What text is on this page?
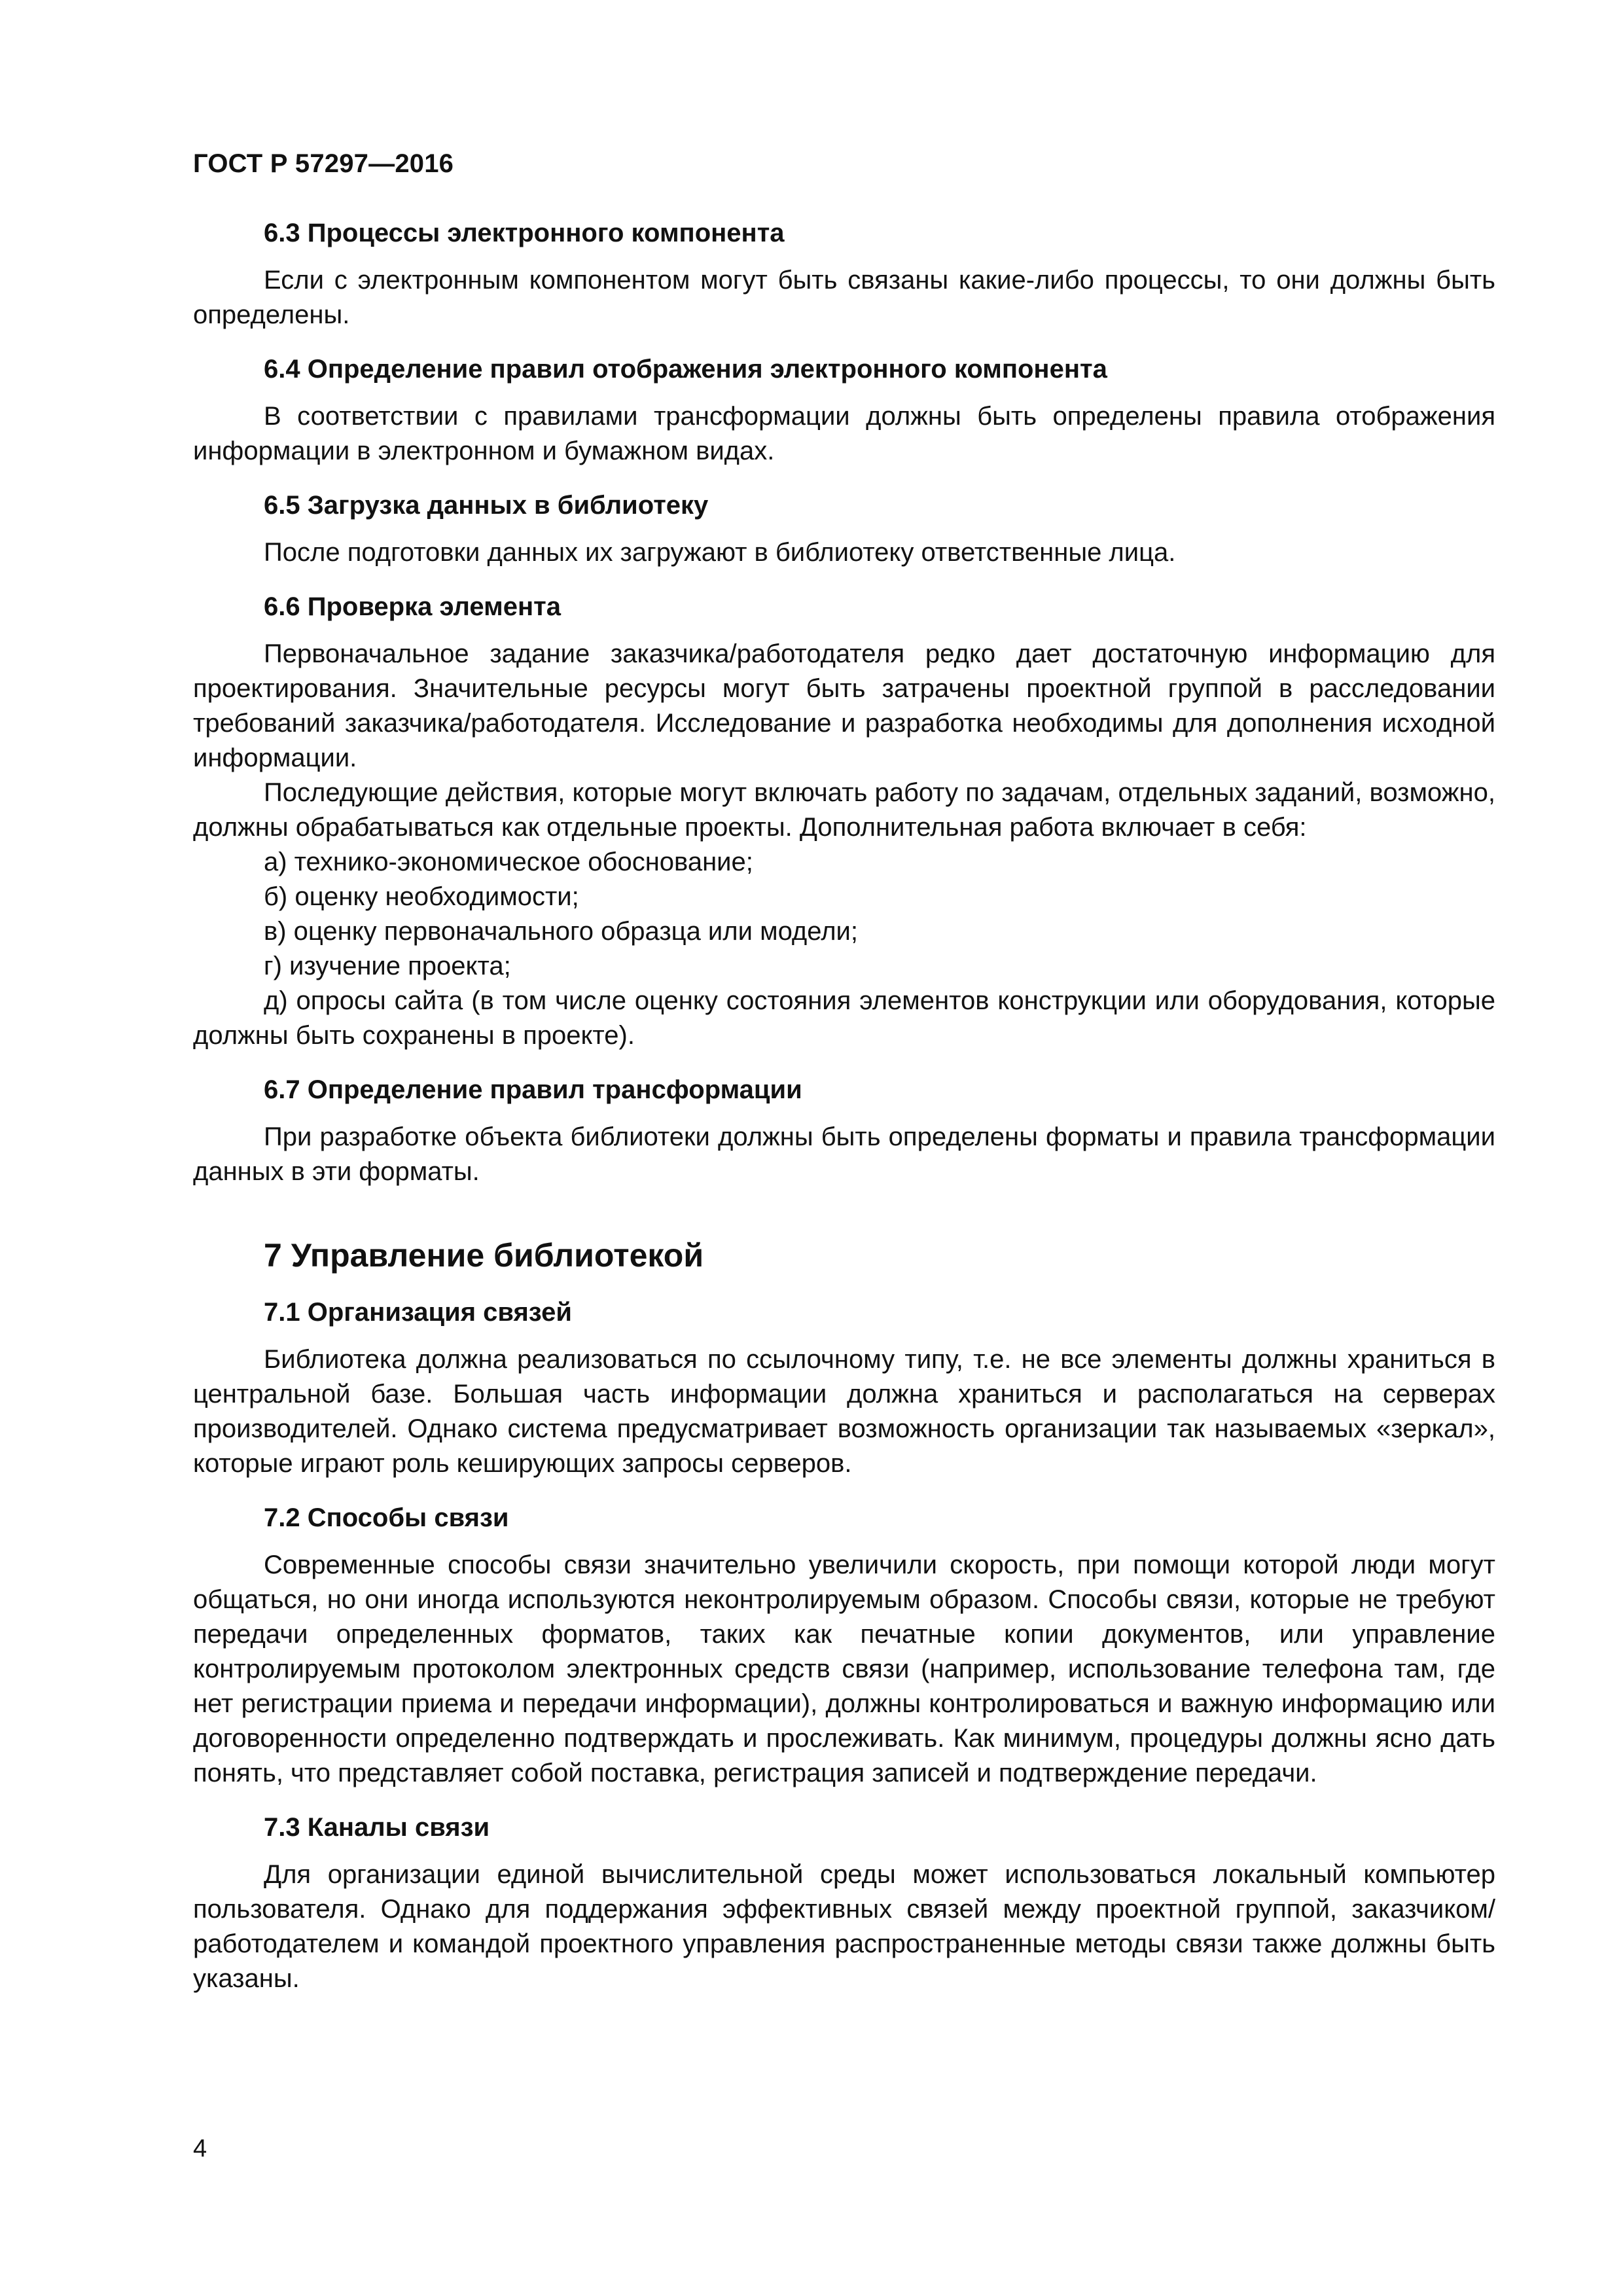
ГОСТ Р 57297—2016
6.3 Процессы электронного компонента

Если с электронным компонентом могут быть связаны какие-либо процессы, то они должны быть определены.

6.4 Определение правил отображения электронного компонента

В соответствии с правилами трансформации должны быть определены правила отображения информации в электронном и бумажном видах.

6.5 Загрузка данных в библиотеку

После подготовки данных их загружают в библиотеку ответственные лица.

6.6 Проверка элемента

Первоначальное задание заказчика/работодателя редко дает достаточную информацию для проектирования. Значительные ресурсы могут быть затрачены проектной группой в расследовании требований заказчика/работодателя. Исследование и разработка необходимы для дополнения исходной информации.

Последующие действия, которые могут включать работу по задачам, отдельных заданий, возможно, должны обрабатываться как отдельные проекты. Дополнительная работа включает в себя:

а) технико-экономическое обоснование;
б) оценку необходимости;
в) оценку первоначального образца или модели;
г) изучение проекта;
д) опросы сайта (в том числе оценку состояния элементов конструкции или оборудования, которые должны быть сохранены в проекте).
6.7 Определение правил трансформации

При разработке объекта библиотеки должны быть определены форматы и правила трансформации данных в эти форматы.

7 Управление библиотекой
7.1 Организация связей

Библиотека должна реализоваться по ссылочному типу, т.е. не все элементы должны храниться в центральной базе. Большая часть информации должна храниться и располагаться на серверах производителей. Однако система предусматривает возможность организации так называемых «зеркал», которые играют роль кеширующих запросы серверов.

7.2 Способы связи

Современные способы связи значительно увеличили скорость, при помощи которой люди могут общаться, но они иногда используются неконтролируемым образом. Способы связи, которые не требуют передачи определенных форматов, таких как печатные копии документов, или управление контролируемым протоколом электронных средств связи (например, использование телефона там, где нет регистрации приема и передачи информации), должны контролироваться и важную информацию или договоренности определенно подтверждать и прослеживать. Как минимум, процедуры должны ясно дать понять, что представляет собой поставка, регистрация записей и подтверждение передачи.

7.3 Каналы связи

Для организации единой вычислительной среды может использоваться локальный компьютер пользователя. Однако для поддержания эффективных связей между проектной группой, заказчиком/работодателем и командой проектного управления распространенные методы связи также должны быть указаны.

4
